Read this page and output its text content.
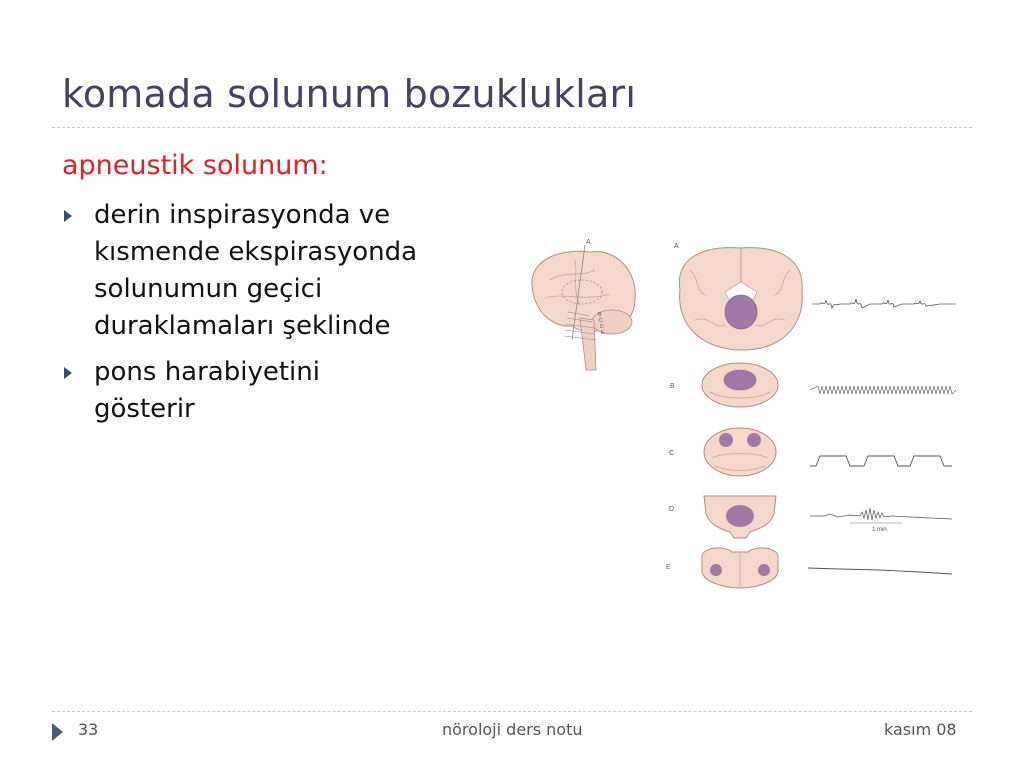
komada solunum bozuklukları
apneustik solunum:
derin inspirasyonda ve
kısmende ekspirasyonda
solunumun geçici
duraklamaları şeklinde
pons harabiyetini
gösterir
A
B
C
D
E
A
B
C
D
1 min
E
33	nöroloji ders notu	kasım 08
